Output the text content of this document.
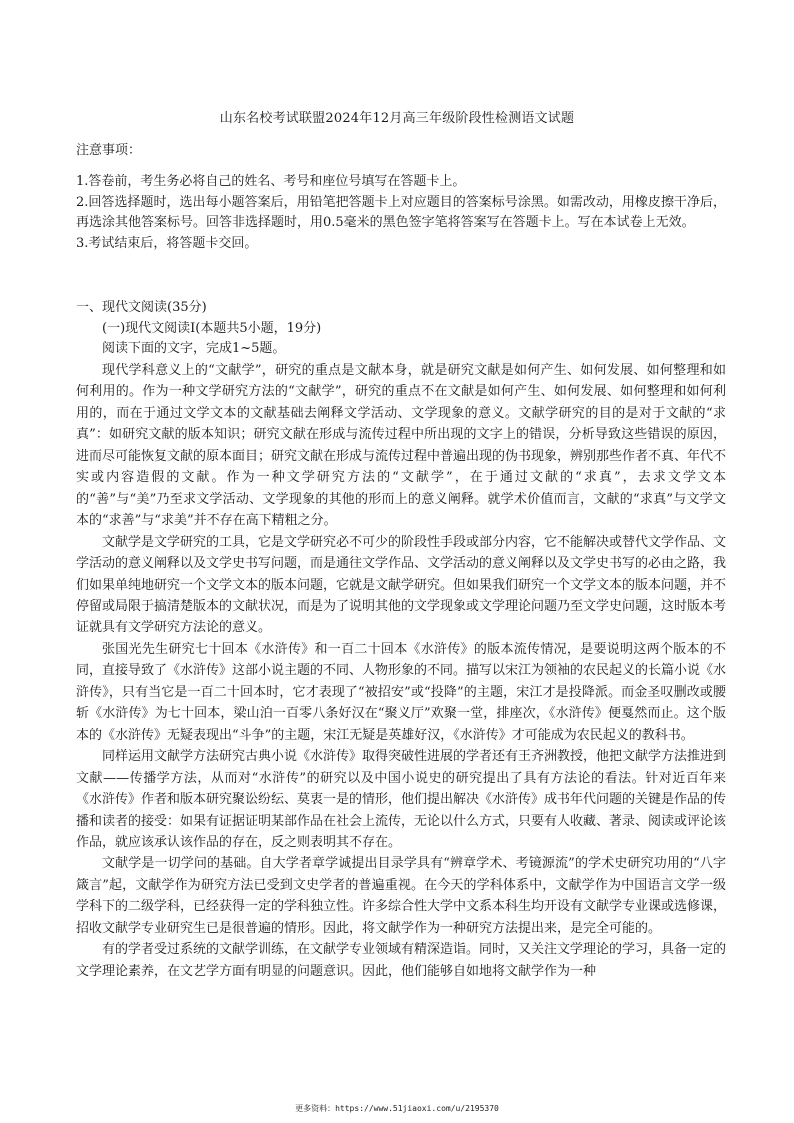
山东名校考试联盟2024年12月高三年级阶段性检测语文试题
注意事项：

1.答卷前，考生务必将自己的姓名、考号和座位号填写在答题卡上。

2.回答选择题时，选出每小题答案后，用铅笔把答题卡上对应题目的答案标号涂黑。如需改动，用橡皮擦干净后，再选涂其他答案标号。回答非选择题时，用0.5毫米的黑色签字笔将答案写在答题卡上。写在本试卷上无效。

3.考试结束后，将答题卡交回。

一、现代文阅读(35分)

(一)现代文阅读Ⅰ(本题共5小题，19分)

阅读下面的文字，完成1~5题。

现代学科意义上的“文献学”，研究的重点是文献本身，就是研究文献是如何产生、如何发展、如何整理和如何利用的。作为一种文学研究方法的“文献学”，研究的重点不在文献是如何产生、如何发展、如何整理和如何利用的，而在于通过文学文本的文献基础去阐释文学活动、文学现象的意义。文献学研究的目的是对于文献的“求真”：如研究文献的版本知识；研究文献在形成与流传过程中所出现的文字上的错误，分析导致这些错误的原因，进而尽可能恢复文献的原本面目；研究文献在形成与流传过程中普遍出现的伪书现象，辨别那些作者不真、年代不实或内容造假的文献。作为一种文学研究方法的“文献学”，在于通过文献的“求真”，去求文学文本的“善”与“美”乃至求文学活动、文学现象的其他的形而上的意义阐释。就学术价值而言，文献的“求真”与文学文本的“求善”与“求美”并不存在高下精粗之分。

文献学是文学研究的工具，它是文学研究必不可少的阶段性手段或部分内容，它不能解决或替代文学作品、文学活动的意义阐释以及文学史书写问题，而是通往文学作品、文学活动的意义阐释以及文学史书写的必由之路，我们如果单纯地研究一个文学文本的版本问题，它就是文献学研究。但如果我们研究一个文学文本的版本问题，并不停留或局限于搞清楚版本的文献状况，而是为了说明其他的文学现象或文学理论问题乃至文学史问题，这时版本考证就具有文学研究方法论的意义。

张国光先生研究七十回本《水浒传》和一百二十回本《水浒传》的版本流传情况，是要说明这两个版本的不同，直接导致了《水浒传》这部小说主题的不同、人物形象的不同。描写以宋江为领袖的农民起义的长篇小说《水浒传》，只有当它是一百二十回本时，它才表现了“被招安”或“投降”的主题，宋江才是投降派。而金圣叹删改或腰斩《水浒传》为七十回本，梁山泊一百零八条好汉在“聚义厅”欢聚一堂，排座次，《水浒传》便戛然而止。这个版本的《水浒传》无疑表现出“斗争”的主题，宋江无疑是英雄好汉，《水浒传》才可能成为农民起义的教科书。

同样运用文献学方法研究古典小说《水浒传》取得突破性进展的学者还有王齐洲教授，他把文献学方法推进到文献——传播学方法，从而对“水浒传”的研究以及中国小说史的研究提出了具有方法论的看法。针对近百年来《水浒传》作者和版本研究聚讼纷纭、莫衷一是的情形，他们提出解决《水浒传》成书年代问题的关键是作品的传播和读者的接受：如果有证据证明某部作品在社会上流传，无论以什么方式，只要有人收藏、著录、阅读或评论该作品，就应该承认该作品的存在，反之则表明其不存在。

文献学是一切学问的基础。自大学者章学诚提出目录学具有“辨章学术、考镜源流”的学术史研究功用的“八字箴言”起，文献学作为研究方法已受到文史学者的普遍重视。在今天的学科体系中，文献学作为中国语言文学一级学科下的二级学科，已经获得一定的学科独立性。许多综合性大学中文系本科生均开设有文献学专业课或选修课，招收文献学专业研究生已是很普遍的情形。因此，将文献学作为一种研究方法提出来，是完全可能的。

有的学者受过系统的文献学训练，在文献学专业领域有精深造诣。同时，又关注文学理论的学习，具备一定的文学理论素养，在文艺学方面有明显的问题意识。因此，他们能够自如地将文献学作为一种

更多资料：https://www.51jiaoxi.com/u/2195370
